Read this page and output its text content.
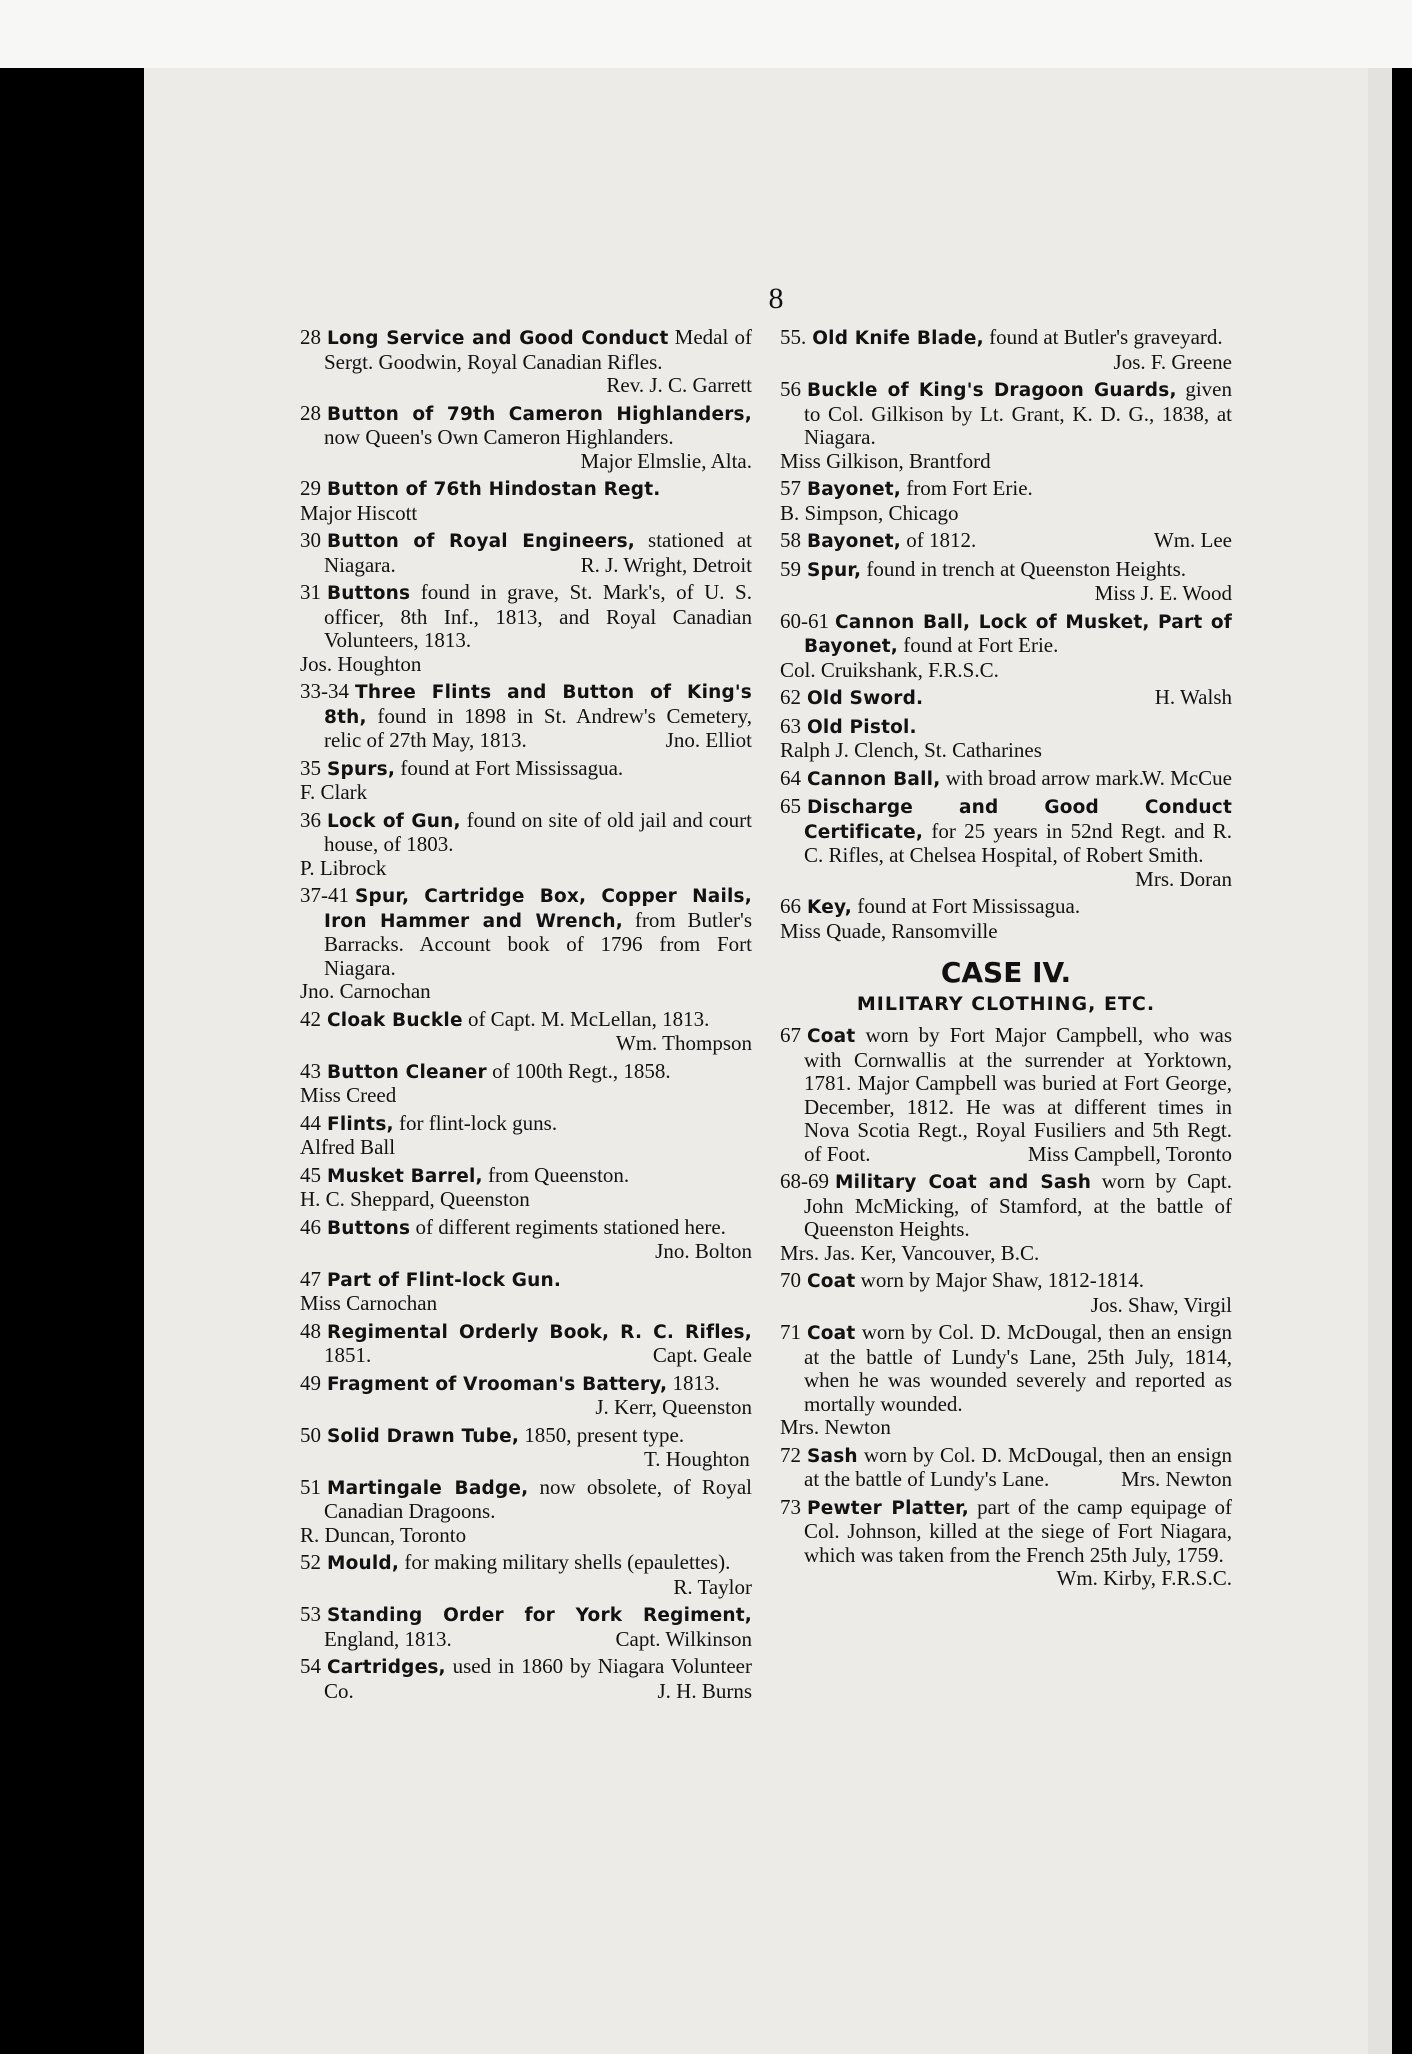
8

28 Long Service and Good Conduct Medal of Sergt. Goodwin, Royal Canadian Rifles.
Rev. J. C. Garrett

28 Button of 79th Cameron Highlanders, now Queen's Own Cameron Highlanders.
Major Elmslie, Alta.

29 Button of 76th Hindostan Regt.

Major Hiscott

30 Button of Royal Engineers, stationed at Niagara.	R. J. Wright, Detroit

31 Buttons found in grave, St. Mark's, of U. S. officer, 8th Inf., 1813, and Royal Canadian Volunteers, 1813.

Jos. Houghton

33-34 Three Flints and Button of King's 8th, found in 1898 in St. Andrew's Cemetery, relic of 27th May, 1813.	Jno. Elliot

35 Spurs, found at Fort Mississagua.

F. Clark

36 Lock of Gun, found on site of old jail and court house, of 1803.

P. Librock

37-41 Spur, Cartridge Box, Copper Nails, Iron Hammer and Wrench, from Butler's Barracks. Account book of 1796 from Fort Niagara.

Jno. Carnochan

42 Cloak Buckle of Capt. M. McLellan, 1813.
Wm. Thompson

43 Button Cleaner of 100th Regt., 1858.

Miss Creed

44 Flints, for flint-lock guns.

Alfred Ball

45 Musket Barrel, from Queenston.

H. C. Sheppard, Queenston

46 Buttons of different regiments stationed here.
Jno. Bolton

47 Part of Flint-lock Gun.

Miss Carnochan

48 Regimental Orderly Book, R. C. Rifles, 1851.	Capt. Geale

49 Fragment of Vrooman's Battery, 1813.
J. Kerr, Queenston

50 Solid Drawn Tube, 1850, present type.
T. Houghton

51 Martingale Badge, now obsolete, of Royal Canadian Dragoons.

R. Duncan, Toronto

52 Mould, for making military shells (epaulettes).
R. Taylor

53 Standing Order for York Regiment, England, 1813.	Capt. Wilkinson

54 Cartridges, used in 1860 by Niagara Volunteer Co.	J. H. Burns

55. Old Knife Blade, found at Butler's graveyard.
Jos. F. Greene

56 Buckle of King's Dragoon Guards, given to Col. Gilkison by Lt. Grant, K. D. G., 1838, at Niagara.

Miss Gilkison, Brantford

57 Bayonet, from Fort Erie.

B. Simpson, Chicago

58 Bayonet, of 1812.	Wm. Lee

59 Spur, found in trench at Queenston Heights.
Miss J. E. Wood

60-61 Cannon Ball, Lock of Musket, Part of Bayonet, found at Fort Erie.

Col. Cruikshank, F.R.S.C.

62 Old Sword.	H. Walsh

63 Old Pistol.

Ralph J. Clench, St. Catharines

64 Cannon Ball, with broad arrow mark.
W. McCue

65 Discharge and Good Conduct Certificate, for 25 years in 52nd Regt. and R. C. Rifles, at Chelsea Hospital, of Robert Smith.
Mrs. Doran

66 Key, found at Fort Mississagua.

Miss Quade, Ransomville

CASE IV.
MILITARY CLOTHING, ETC.

67 Coat worn by Fort Major Campbell, who was with Cornwallis at the surrender at Yorktown, 1781. Major Campbell was buried at Fort George, December, 1812. He was at different times in Nova Scotia Regt., Royal Fusiliers and 5th Regt. of Foot.	Miss Campbell, Toronto

68-69 Military Coat and Sash worn by Capt. John McMicking, of Stamford, at the battle of Queenston Heights.

Mrs. Jas. Ker, Vancouver, B.C.

70 Coat worn by Major Shaw, 1812-1814.
Jos. Shaw, Virgil

71 Coat worn by Col. D. McDougal, then an ensign at the battle of Lundy's Lane, 25th July, 1814, when he was wounded severely and reported as mortally wounded.

Mrs. Newton

72 Sash worn by Col. D. McDougal, then an ensign at the battle of Lundy's Lane.	Mrs. Newton

73 Pewter Platter, part of the camp equipage of Col. Johnson, killed at the siege of Fort Niagara, which was taken from the French 25th July, 1759.
Wm. Kirby, F.R.S.C.
